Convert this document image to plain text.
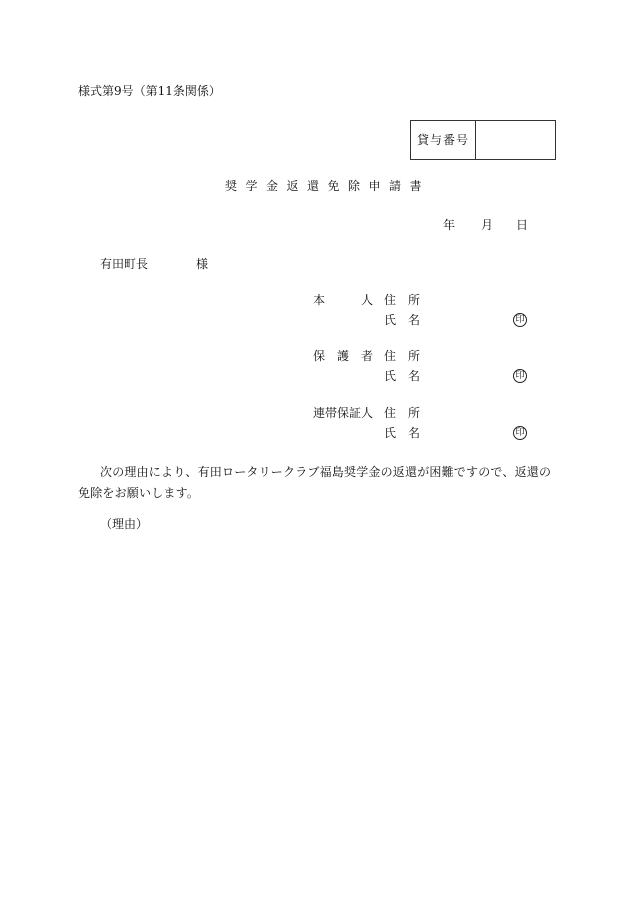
様式第9号（第11条関係）
貸与番号
奨学金返還免除申請書
年 月 日
有田町長	様
本	人 住 所
氏 名	印
保　護　者 住 所
氏 名	印
連帯保証人 住 所
氏 名	印
次の理由により、有田ロータリークラブ福島奨学金の返還が困難ですので、返還の免除をお願いします。
（理由）
